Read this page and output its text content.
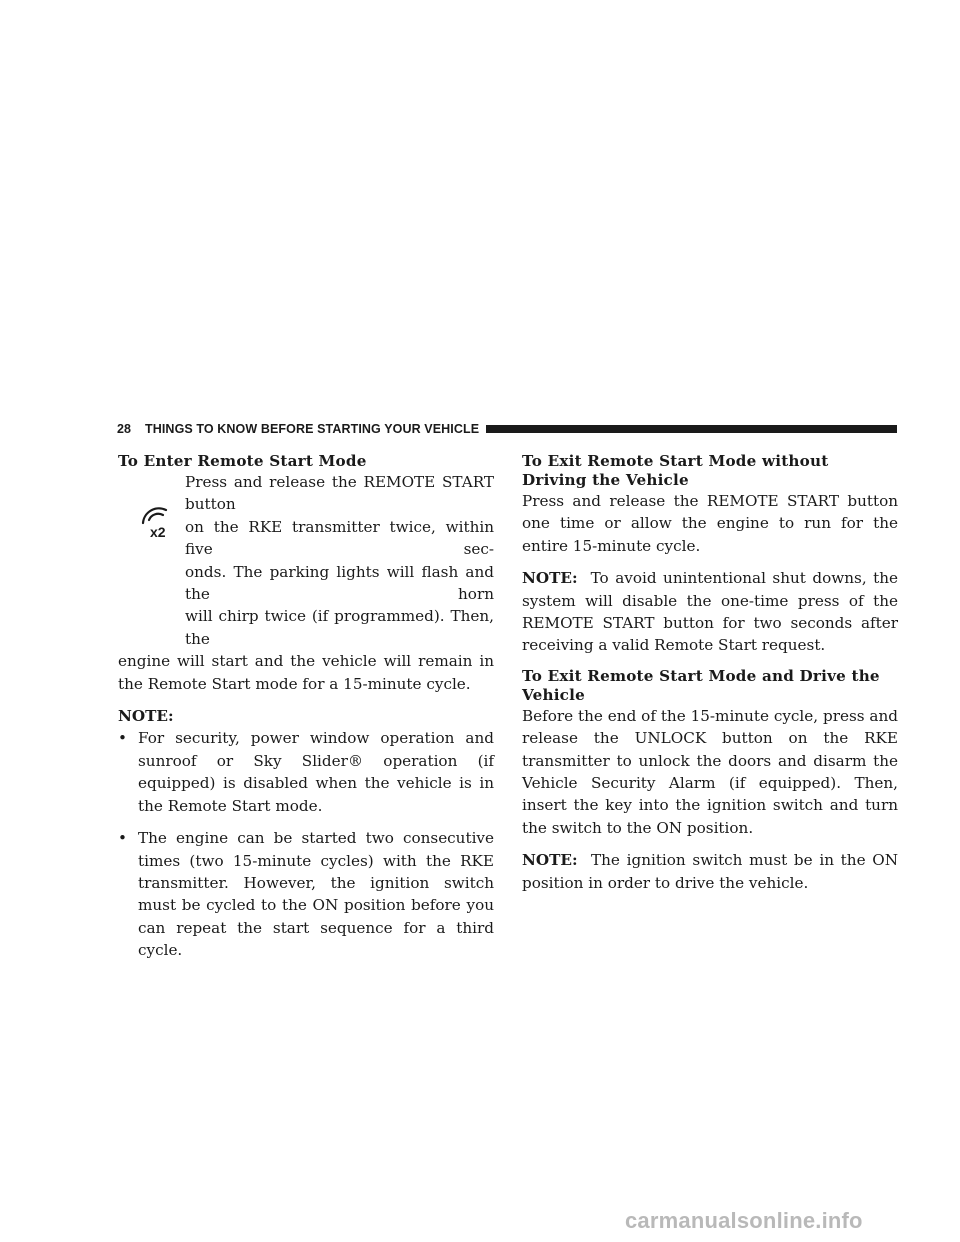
28 THINGS TO KNOW BEFORE STARTING YOUR VEHICLE
To Enter Remote Start Mode
x2

Press and release the REMOTE START button

on the RKE transmitter twice, within five sec-

onds. The parking lights will flash and the horn

will chirp twice (if programmed). Then, the

engine will start and the vehicle will remain in the Remote Start mode for a 15-minute cycle.

NOTE:

• For security, power window operation and sunroof or Sky Slider® operation (if equipped) is disabled when the vehicle is in the Remote Start mode.
• The engine can be started two consecutive times (two 15-minute cycles) with the RKE transmitter. However, the ignition switch must be cycled to the ON position before you can repeat the start sequence for a third cycle.
To Exit Remote Start Mode without Driving the Vehicle

Press and release the REMOTE START button one time or allow the engine to run for the entire 15-minute cycle.

NOTE: To avoid unintentional shut downs, the system will disable the one-time press of the REMOTE START button for two seconds after receiving a valid Remote Start request.

To Exit Remote Start Mode and Drive the Vehicle

Before the end of the 15-minute cycle, press and release the UNLOCK button on the RKE transmitter to unlock the doors and disarm the Vehicle Security Alarm (if equipped). Then, insert the key into the ignition switch and turn the switch to the ON position.

NOTE: The ignition switch must be in the ON position in order to drive the vehicle.

carmanualsonline.info
